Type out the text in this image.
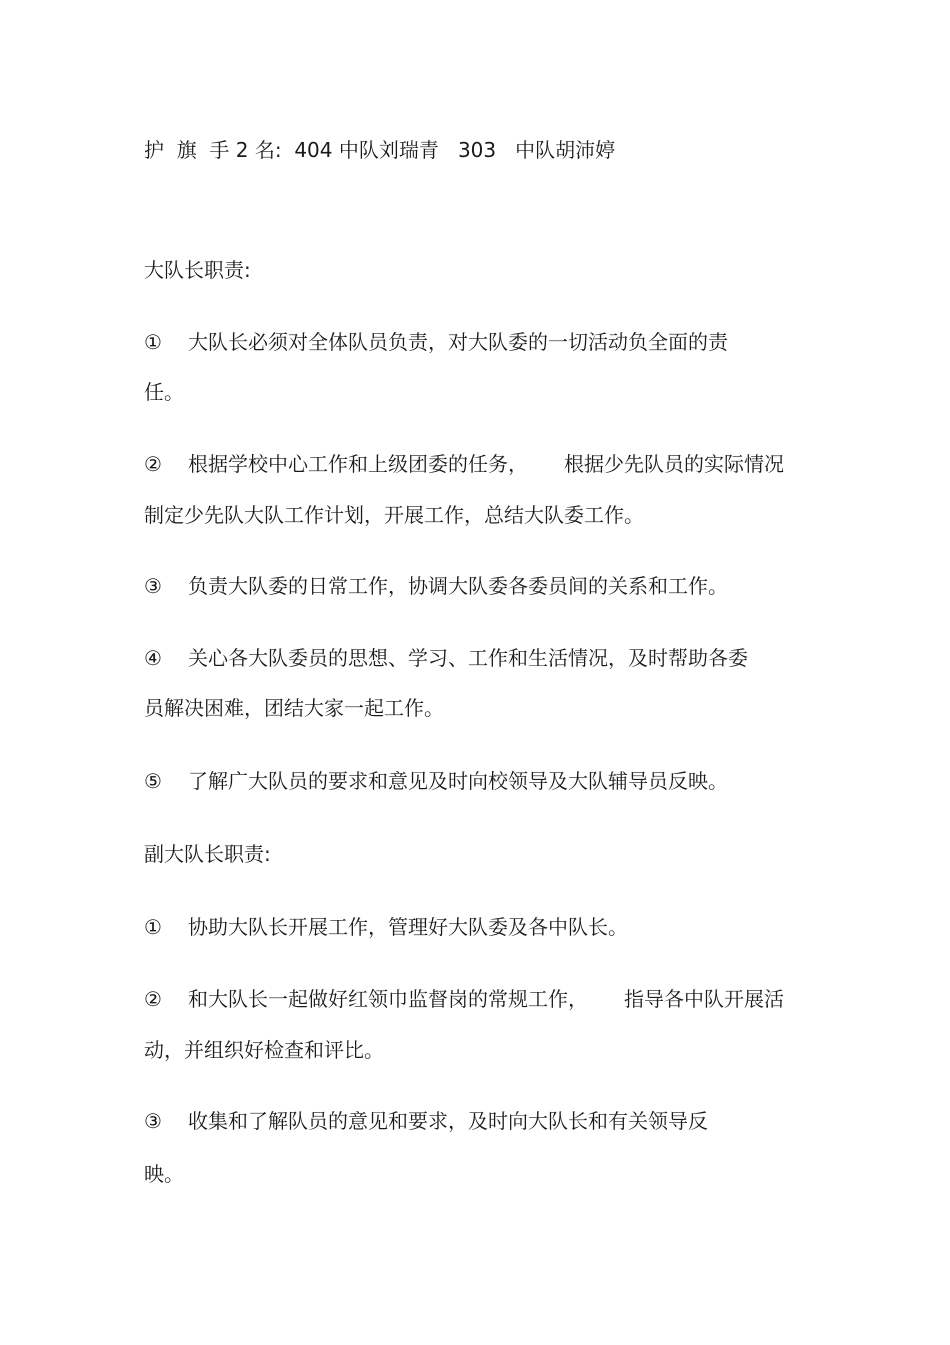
护  旗  手 2 名: 404 中队刘瑞青 303   中队胡沛婷
大队长职责:
① 大队长必须对全体队员负责，对大队委的一切活动负全面的责
任。
② 根据学校中心工作和上级团委的任务， 根据少先队员的实际情况
制定少先队大队工作计划，开展工作，总结大队委工作。
③ 负责大队委的日常工作，协调大队委各委员间的关系和工作。
④ 关心各大队委员的思想、学习、工作和生活情况，及时帮助各委
员解决困难，团结大家一起工作。
⑤ 了解广大队员的要求和意见及时向校领导及大队辅导员反映。
副大队长职责:
① 协助大队长开展工作，管理好大队委及各中队长。
② 和大队长一起做好红领巾监督岗的常规工作， 指导各中队开展活
动，并组织好检查和评比。
③ 收集和了解队员的意见和要求，及时向大队长和有关领导反
映。
